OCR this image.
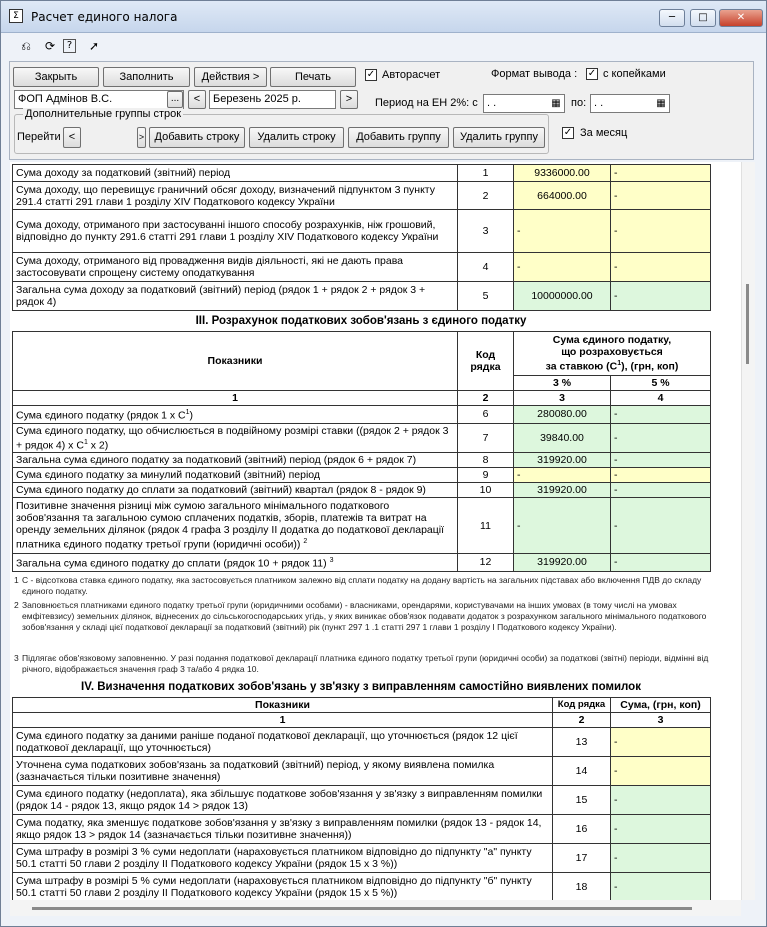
Σ	Расчет единого налога	─	□	✕
⎌	⟳	?	➚
Закрыть	Заполнить	Действия >	Печать	✓ Авторасчет	Формат вывода : ✓ с копейками
ФОП Адмінов В.С.	...	<	Березень 2025 р.	>	Период на ЕН 2%: с . .	▦ по: . .	▦
Дополнительные группы строк
Перейти <	> Добавить строку	Удалить строку	Добавить группу	Удалить группу	✓ За месяц
Сума доходу за податковий (звітний) період	1	9336000.00	-
Сума доходу, що перевищує граничний обсяг доходу, визначений підпунктом 3 пункту 291.4 статті 291 глави 1 розділу XIV Податкового кодексу України	2	664000.00	-
Сума доходу, отриманого при застосуванні іншого способу розрахунків, ніж грошовий, відповідно до пункту 291.6 статті 291 глави 1 розділу XIV Податкового кодексу України	3	-	-
Сума доходу, отриманого від провадження видів діяльності, які не дають права застосовувати спрощену систему оподаткування	4	-	-
Загальна сума доходу за податковий (звітний) період (рядок 1 + рядок 2 + рядок 3 + рядок 4)	5	10000000.00	-
III. Розрахунок податкових зобов'язань з єдиного податку
Показники	Код рядка	Сума єдиного податку,
що розраховується
за ставкою $(С^1)$, (грн, коп)	

		3 %	5 %
1	2	3	4
Сума єдиного податку (рядок 1 х $С^1$)	6	280080.00	-
Сума єдиного податку, що обчислюється в подвійному розмірі ставки ((рядок 2 + рядок 3 + рядок 4) х $С^1$ х 2)	7	39840.00	-
Загальна сума єдиного податку за податковий (звітний) період (рядок 6 + рядок 7)	8	319920.00	-
Сума єдиного податку за минулий податковий (звітний) період	9	-	-
Сума єдиного податку до сплати за податковий (звітний) квартал (рядок 8 - рядок 9)	10	319920.00	-
Позитивне значення різниці між сумою загального мінімального податкового зобов'язання та загальною сумою сплачених податків, зборів, платежів та витрат на оренду земельних ділянок (рядок 4 графа 3 розділу ІІ додатка до податкової декларації платника єдиного податку третьої групи (юридичні особи)) $^2$	11	-	-
Загальна сума єдиного податку до сплати (рядок 10 + рядок 11) $^3$	12	319920.00	-
1 С - відсоткова ставка єдиного податку, яка застосовується платником залежно від сплати податку на додану вартість на загальних підставах або включення ПДВ до складу єдиного податку.
2 Заповнюється платниками єдиного податку третьої групи (юридичними особами) - власниками, орендарями, користувачами на інших умовах (в тому числі на умовах емфітевзису) земельних ділянок, віднесених до сільськогосподарських угідь, у яких виникає обов'язок подавати додаток з розрахунком загального мінімального податкового зобов'язання у складі цієї податкової декларації за податковий (звітний) рік (пункт 297 1 .1 статті 297 1 глави 1 розділу І Податкового кодексу України).
3 Підлягає обов'язковому заповненню. У разі подання податкової декларації платника єдиного податку третьої групи (юридичні особи) за податкові (звітні) періоди, відмінні від річного, відображається значення граф 3 та/або 4 рядка 10.
IV. Визначення податкових зобов'язань у зв'язку з виправленням самостійно виявлених помилок
Показники	Код рядка	Сума, (грн, коп)
1	2	3
Сума єдиного податку за даними раніше поданої податкової декларації, що уточнюється (рядок 12 цієї податкової декларації, що уточнюється)	13	-
Уточнена сума податкових зобов'язань за податковий (звітний) період, у якому виявлена помилка (зазначається тільки позитивне значення)	14	-
Сума єдиного податку (недоплата), яка збільшує податкове зобов'язання у зв'язку з виправленням помилки (рядок 14 - рядок 13, якщо рядок 14 > рядок 13)	15	-
Сума податку, яка зменшує податкове зобов'язання у зв'язку з виправленням помилки (рядок 13 - рядок 14, якщо рядок 13 > рядок 14 (зазначається тільки позитивне значення))	16	-
Сума штрафу в розмірі 3 % суми недоплати (нараховується платником відповідно до підпункту "а" пункту 50.1 статті 50 глави 2 розділу ІІ Податкового кодексу України (рядок 15 х 3 %))	17	-
Сума штрафу в розмірі 5 % суми недоплати (нараховується платником відповідно до підпункту "б" пункту 50.1 статті 50 глави 2 розділу ІІ Податкового кодексу України (рядок 15 х 5 %))	18	-
